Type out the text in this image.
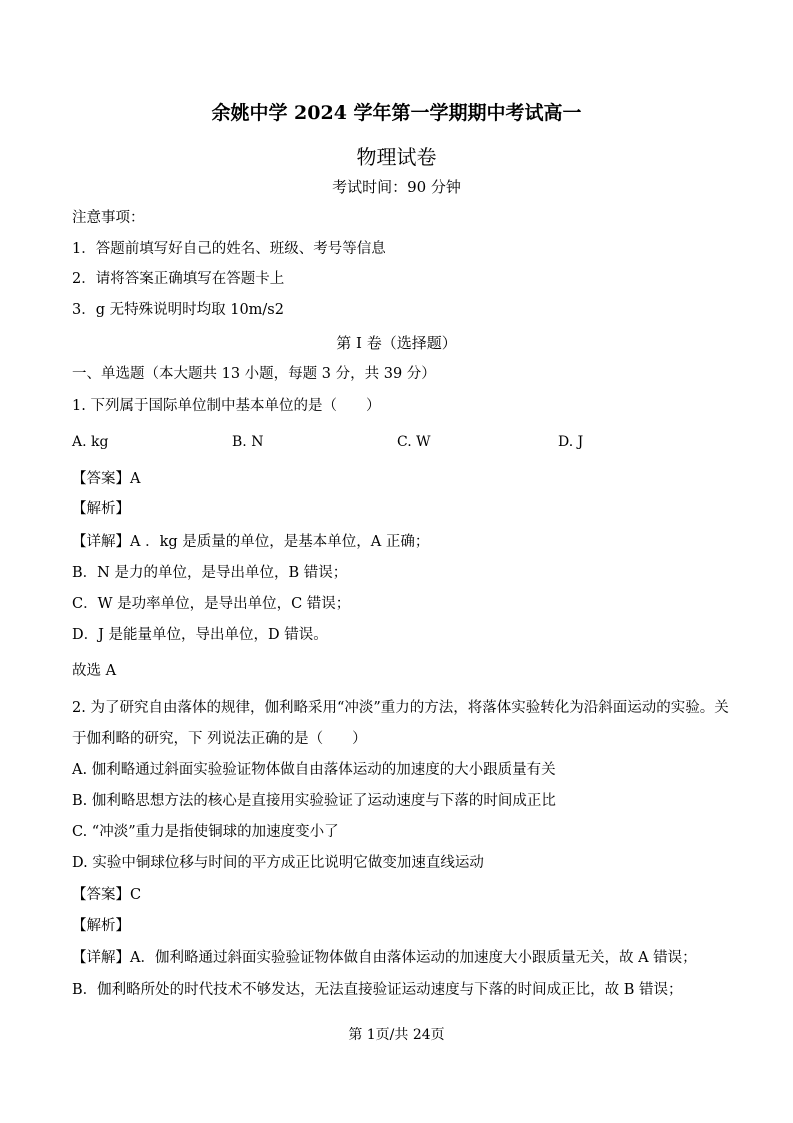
余姚中学 2024 学年第一学期期中考试高一
物理试卷
考试时间：90 分钟
注意事项：
1．答题前填写好自己的姓名、班级、考号等信息
2．请将答案正确填写在答题卡上
3．g 无特殊说明时均取 10m/s2
第 I 卷（选择题）
一、单选题（本大题共 13 小题，每题 3 分，共 39 分）
1. 下列属于国际单位制中基本单位的是（　　）
A. kg	B. N	C. W	D. J
【答案】A
【解析】
【详解】A ．kg 是质量的单位，是基本单位，A 正确；
B．N 是力的单位，是导出单位，B 错误；
C．W 是功率单位，是导出单位，C 错误；
D．J 是能量单位，导出单位，D 错误。
故选 A
2. 为了研究自由落体的规律，伽利略采用“冲淡”重力的方法，将落体实验转化为沿斜面运动的实验。关
于伽利略的研究，下 列说法正确的是（　　）
A. 伽利略通过斜面实验验证物体做自由落体运动的加速度的大小跟质量有关
B. 伽利略思想方法的核心是直接用实验验证了运动速度与下落的时间成正比
C. “冲淡”重力是指使铜球的加速度变小了
D. 实验中铜球位移与时间的平方成正比说明它做变加速直线运动
【答案】C
【解析】
【详解】A．伽利略通过斜面实验验证物体做自由落体运动的加速度大小跟质量无关，故 A 错误；
B．伽利略所处的时代技术不够发达，无法直接验证运动速度与下落的时间成正比，故 B 错误；
第 1页/共 24页
